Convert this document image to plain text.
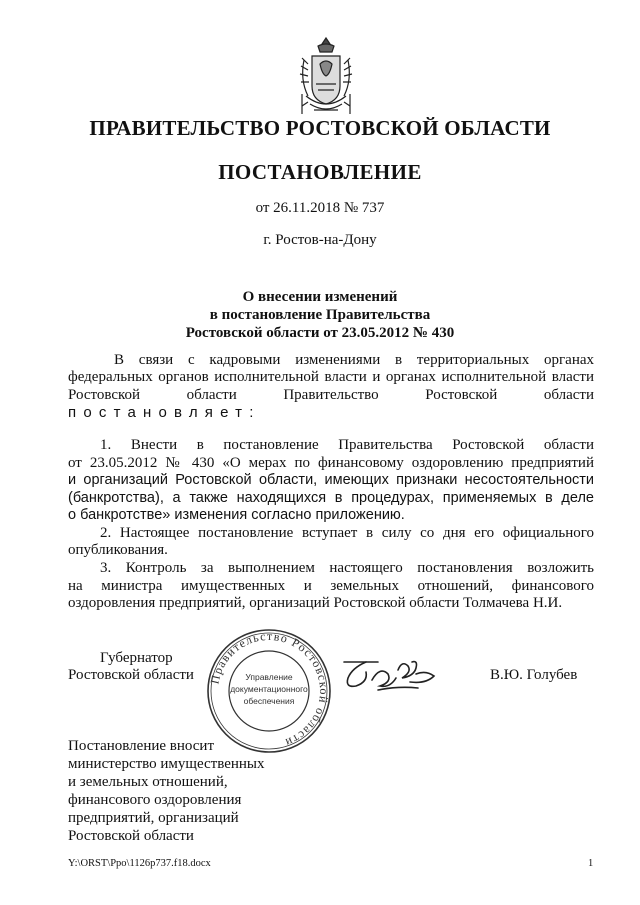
ПРАВИТЕЛЬСТВО РОСТОВСКОЙ ОБЛАСТИ
ПОСТАНОВЛЕНИЕ
от 26.11.2018 № 737
г. Ростов-на-Дону
О внесении изменений
в постановление Правительства
Ростовской области от 23.05.2012 № 430
В связи с кадровыми изменениями в территориальных органах
федеральных органов исполнительной власти и органах исполнительной власти
Ростовской области Правительство Ростовской области
постановляет:
1. Внести в постановление Правительства Ростовской области
от 23.05.2012 № 430 «О мерах по финансовому оздоровлению предприятий
и организаций Ростовской области, имеющих признаки несостоятельности
(банкротства), а также находящихся в процедурах, применяемых в деле
о банкротстве» изменения согласно приложению.
2. Настоящее постановление вступает в силу со дня его официального
опубликования.
3. Контроль за выполнением настоящего постановления возложить
на министра имущественных и земельных отношений, финансового
оздоровления предприятий, организаций Ростовской области Толмачева Н.И.
Губернатор
Ростовской области	В.Ю. Голубев
Правительство Ростовской области
Управление
документационного
обеспечения
Постановление вносит
министерство имущественных
и земельных отношений,
финансового оздоровления
предприятий, организаций
Ростовской области
Y:\ORST\Ppo\1126p737.f18.docx	1
